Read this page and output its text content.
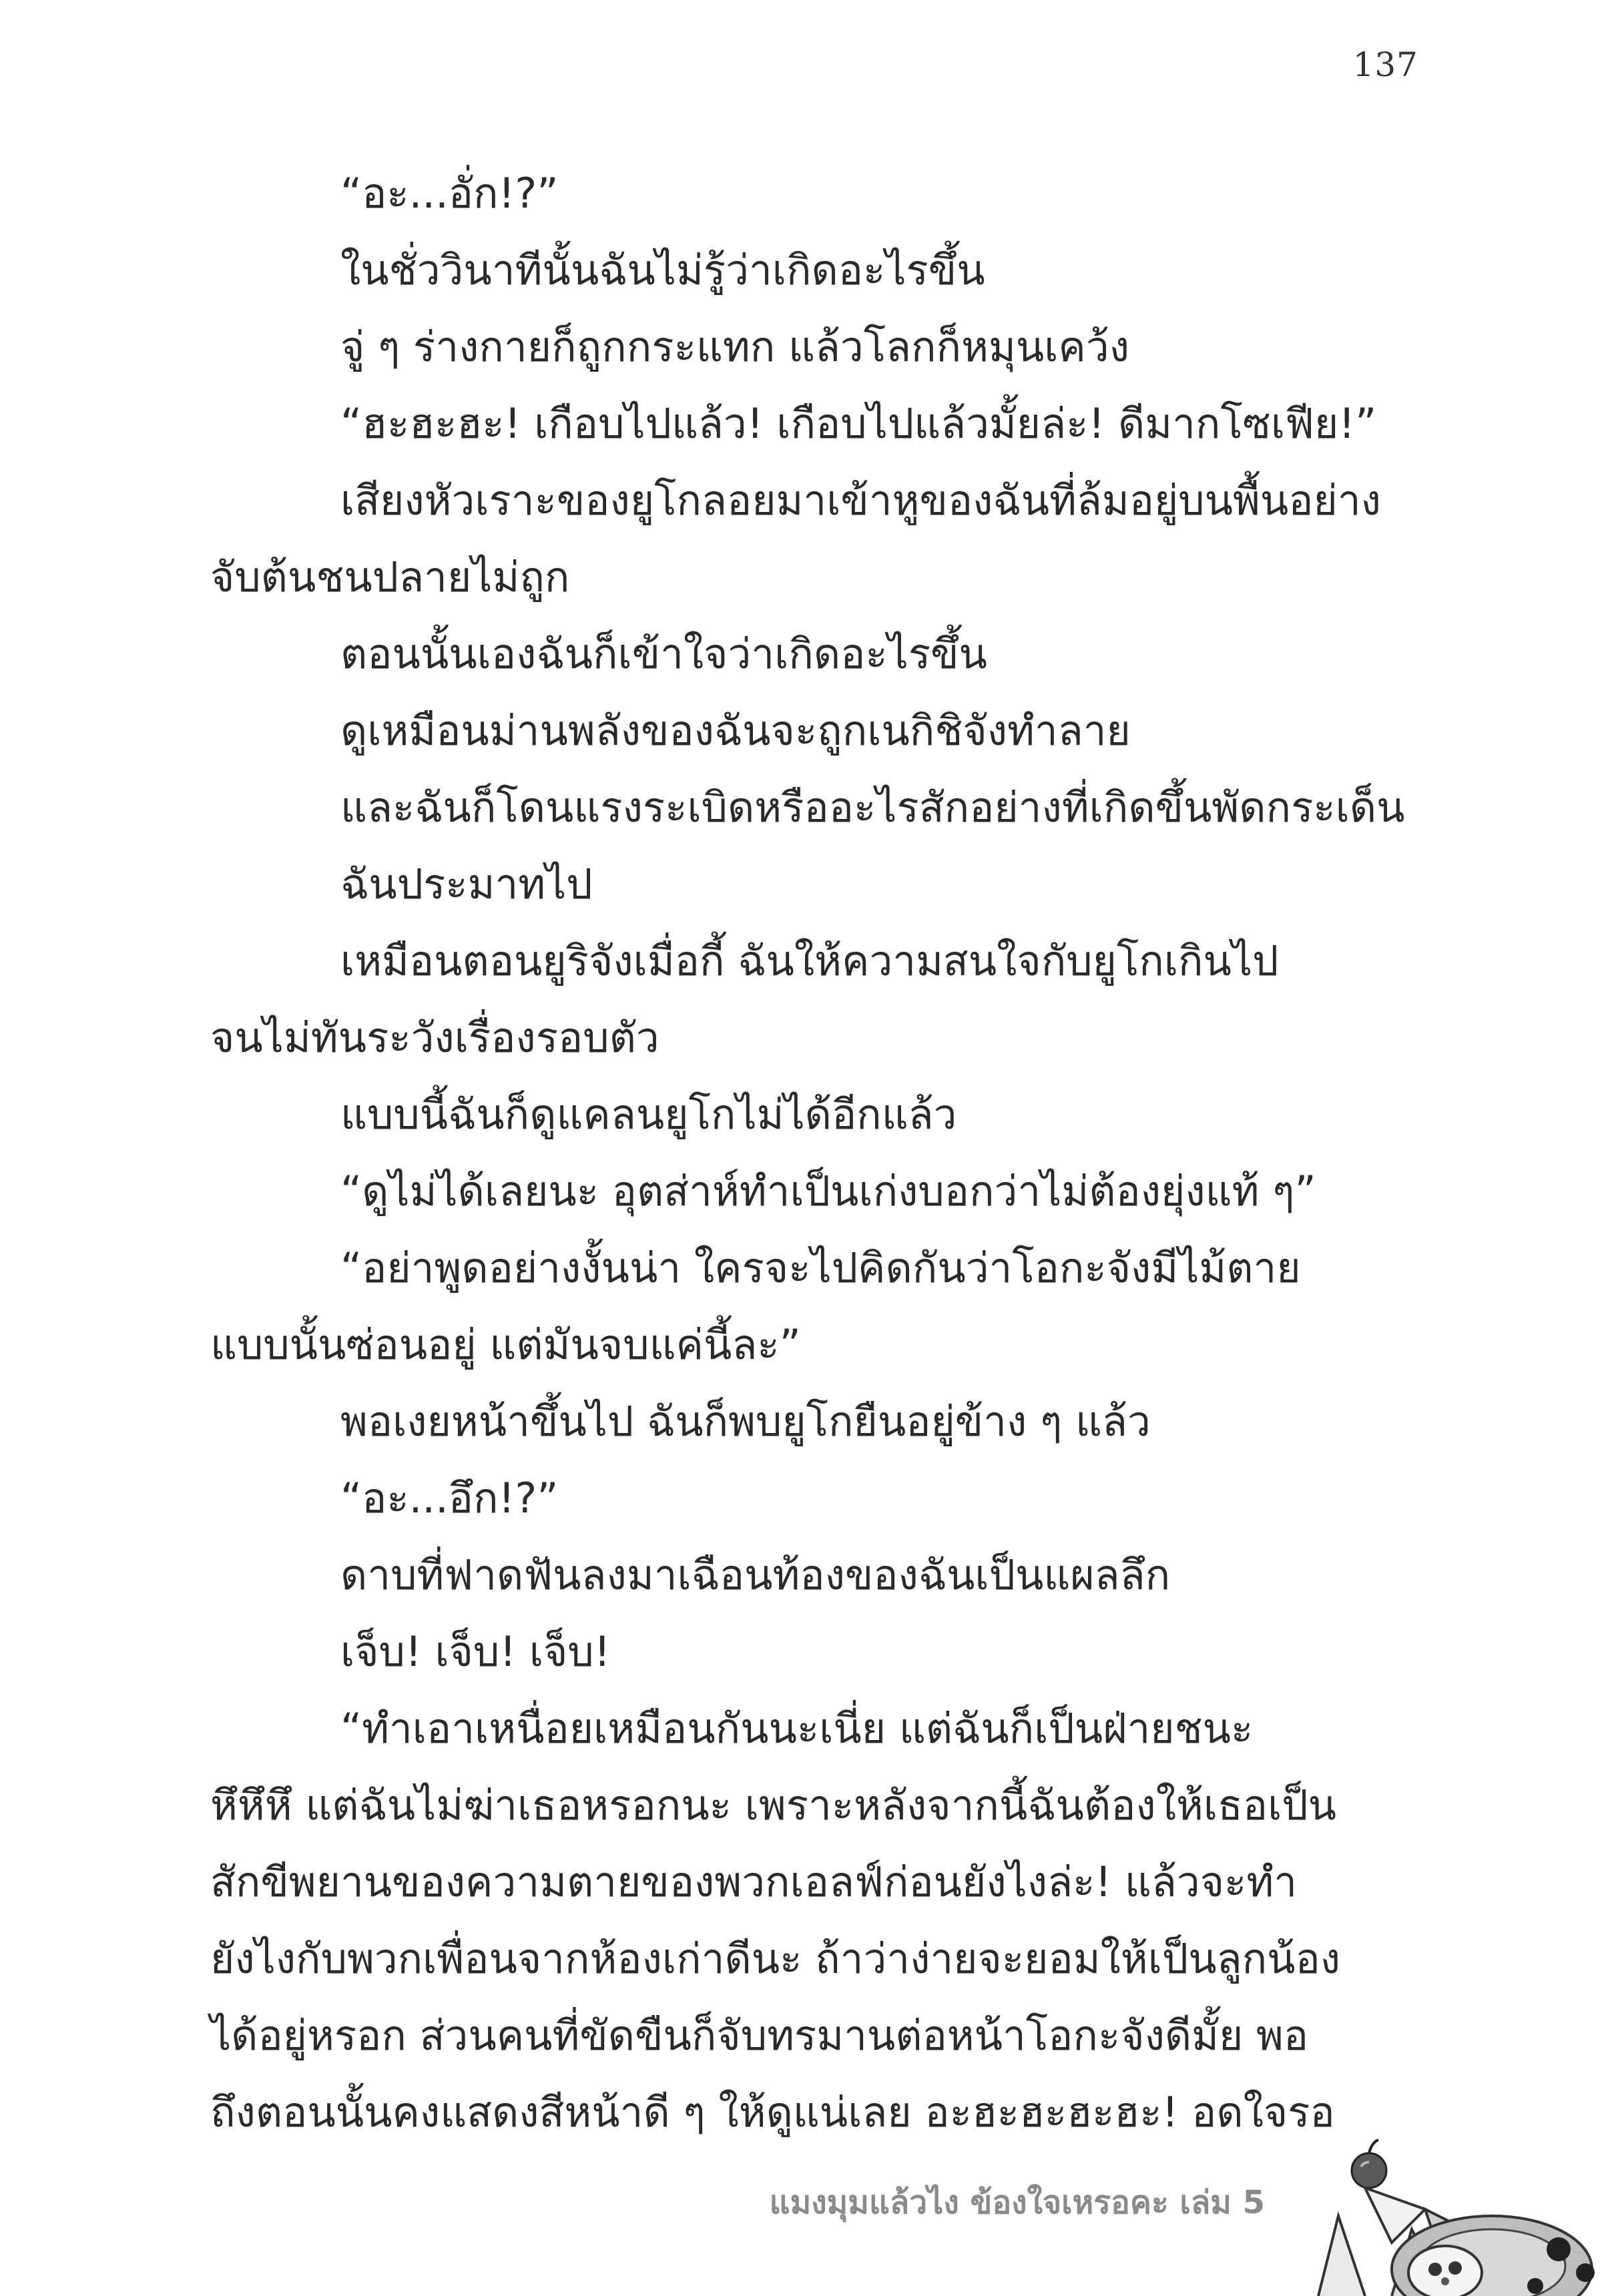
137
“อะ...อั่ก!?”
ในชั่ววินาทีนั้นฉันไม่รู้ว่าเกิดอะไรขึ้น
จู่ ๆ ร่างกายก็ถูกกระแทก แล้วโลกก็หมุนเคว้ง
“ฮะฮะฮะ! เกือบไปแล้ว! เกือบไปแล้วมั้ยล่ะ! ดีมากโซเฟีย!”
เสียงหัวเราะของยูโกลอยมาเข้าหูของฉันที่ล้มอยู่บนพื้นอย่าง
จับต้นชนปลายไม่ถูก
ตอนนั้นเองฉันก็เข้าใจว่าเกิดอะไรขึ้น
ดูเหมือนม่านพลังของฉันจะถูกเนกิชิจังทำลาย
และฉันก็โดนแรงระเบิดหรืออะไรสักอย่างที่เกิดขึ้นพัดกระเด็น
ฉันประมาทไป
เหมือนตอนยูริจังเมื่อกี้ ฉันให้ความสนใจกับยูโกเกินไป
จนไม่ทันระวังเรื่องรอบตัว
แบบนี้ฉันก็ดูแคลนยูโกไม่ได้อีกแล้ว
“ดูไม่ได้เลยนะ อุตส่าห์ทำเป็นเก่งบอกว่าไม่ต้องยุ่งแท้ ๆ”
“อย่าพูดอย่างงั้นน่า ใครจะไปคิดกันว่าโอกะจังมีไม้ตาย
แบบนั้นซ่อนอยู่ แต่มันจบแค่นี้ละ”
พอเงยหน้าขึ้นไป ฉันก็พบยูโกยืนอยู่ข้าง ๆ แล้ว
“อะ...อึก!?”
ดาบที่ฟาดฟันลงมาเฉือนท้องของฉันเป็นแผลลึก
เจ็บ! เจ็บ! เจ็บ!
“ทำเอาเหนื่อยเหมือนกันนะเนี่ย แต่ฉันก็เป็นฝ่ายชนะ
หึหึหึ แต่ฉันไม่ฆ่าเธอหรอกนะ เพราะหลังจากนี้ฉันต้องให้เธอเป็น
สักขีพยานของความตายของพวกเอลฟ์ก่อนยังไงล่ะ! แล้วจะทำ
ยังไงกับพวกเพื่อนจากห้องเก่าดีนะ ถ้าว่าง่ายจะยอมให้เป็นลูกน้อง
ได้อยู่หรอก ส่วนคนที่ขัดขืนก็จับทรมานต่อหน้าโอกะจังดีมั้ย พอ
ถึงตอนนั้นคงแสดงสีหน้าดี ๆ ให้ดูแน่เลย อะฮะฮะฮะฮะ! อดใจรอ
แมงมุมแล้วไง ข้องใจเหรอคะ เล่ม 5
